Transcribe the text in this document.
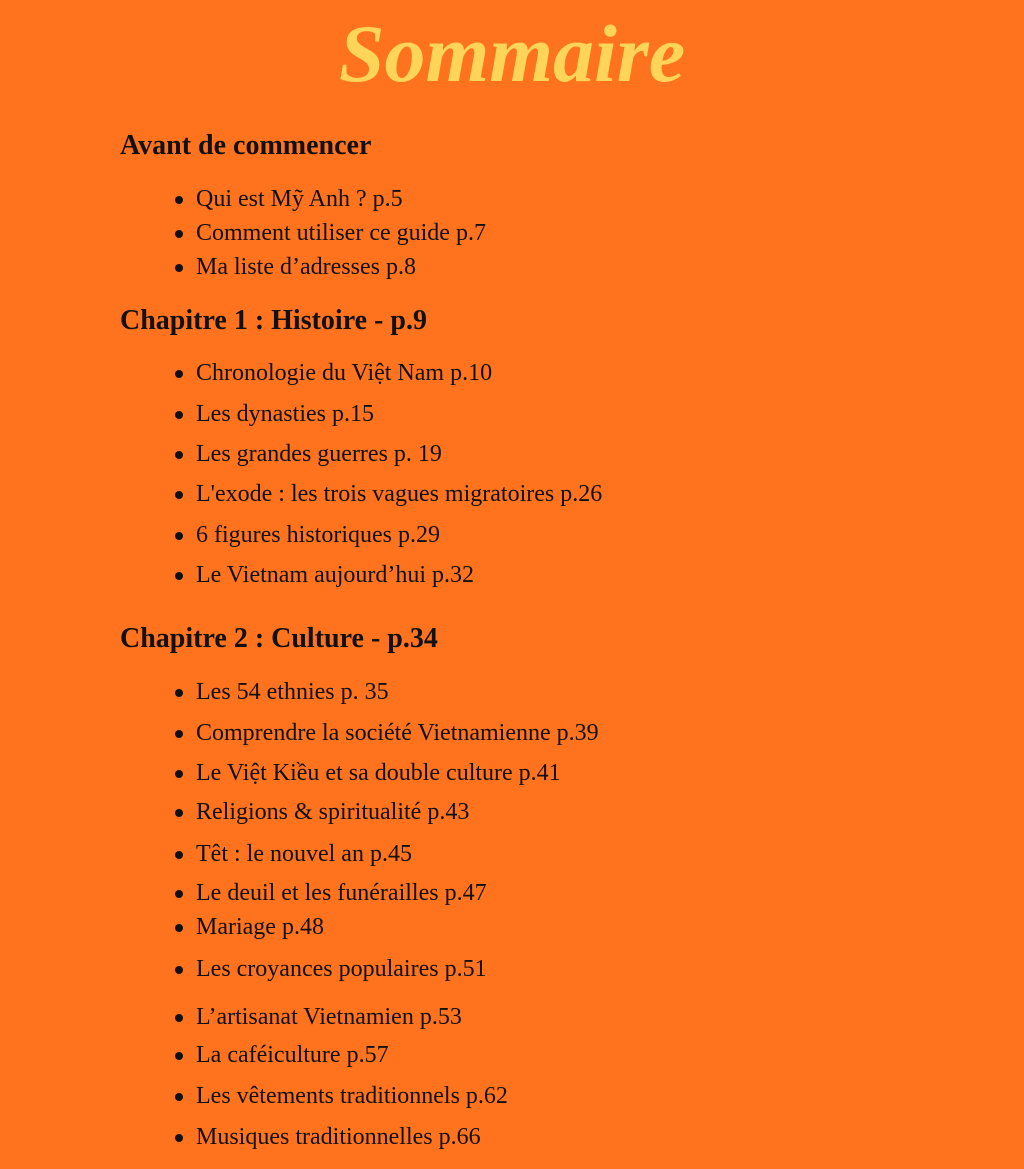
Sommaire
Avant de commencer
Qui est Mỹ Anh ? p.5
Comment utiliser ce guide p.7
Ma liste d’adresses p.8
Chapitre 1 : Histoire - p.9
Chronologie du Việt Nam p.10
Les dynasties p.15
Les grandes guerres p. 19
L'exode : les trois vagues migratoires p.26
6 figures historiques p.29
Le Vietnam aujourd’hui p.32
Chapitre 2 : Culture - p.34
Les 54 ethnies p. 35
Comprendre la société Vietnamienne p.39
Le Việt Kiều et sa double culture p.41
Religions & spiritualité p.43
Têt : le nouvel an p.45
Le deuil et les funérailles p.47
Mariage p.48
Les croyances populaires p.51
L’artisanat Vietnamien p.53
La caféiculture p.57
Les vêtements traditionnels p.62
Musiques traditionnelles p.66
